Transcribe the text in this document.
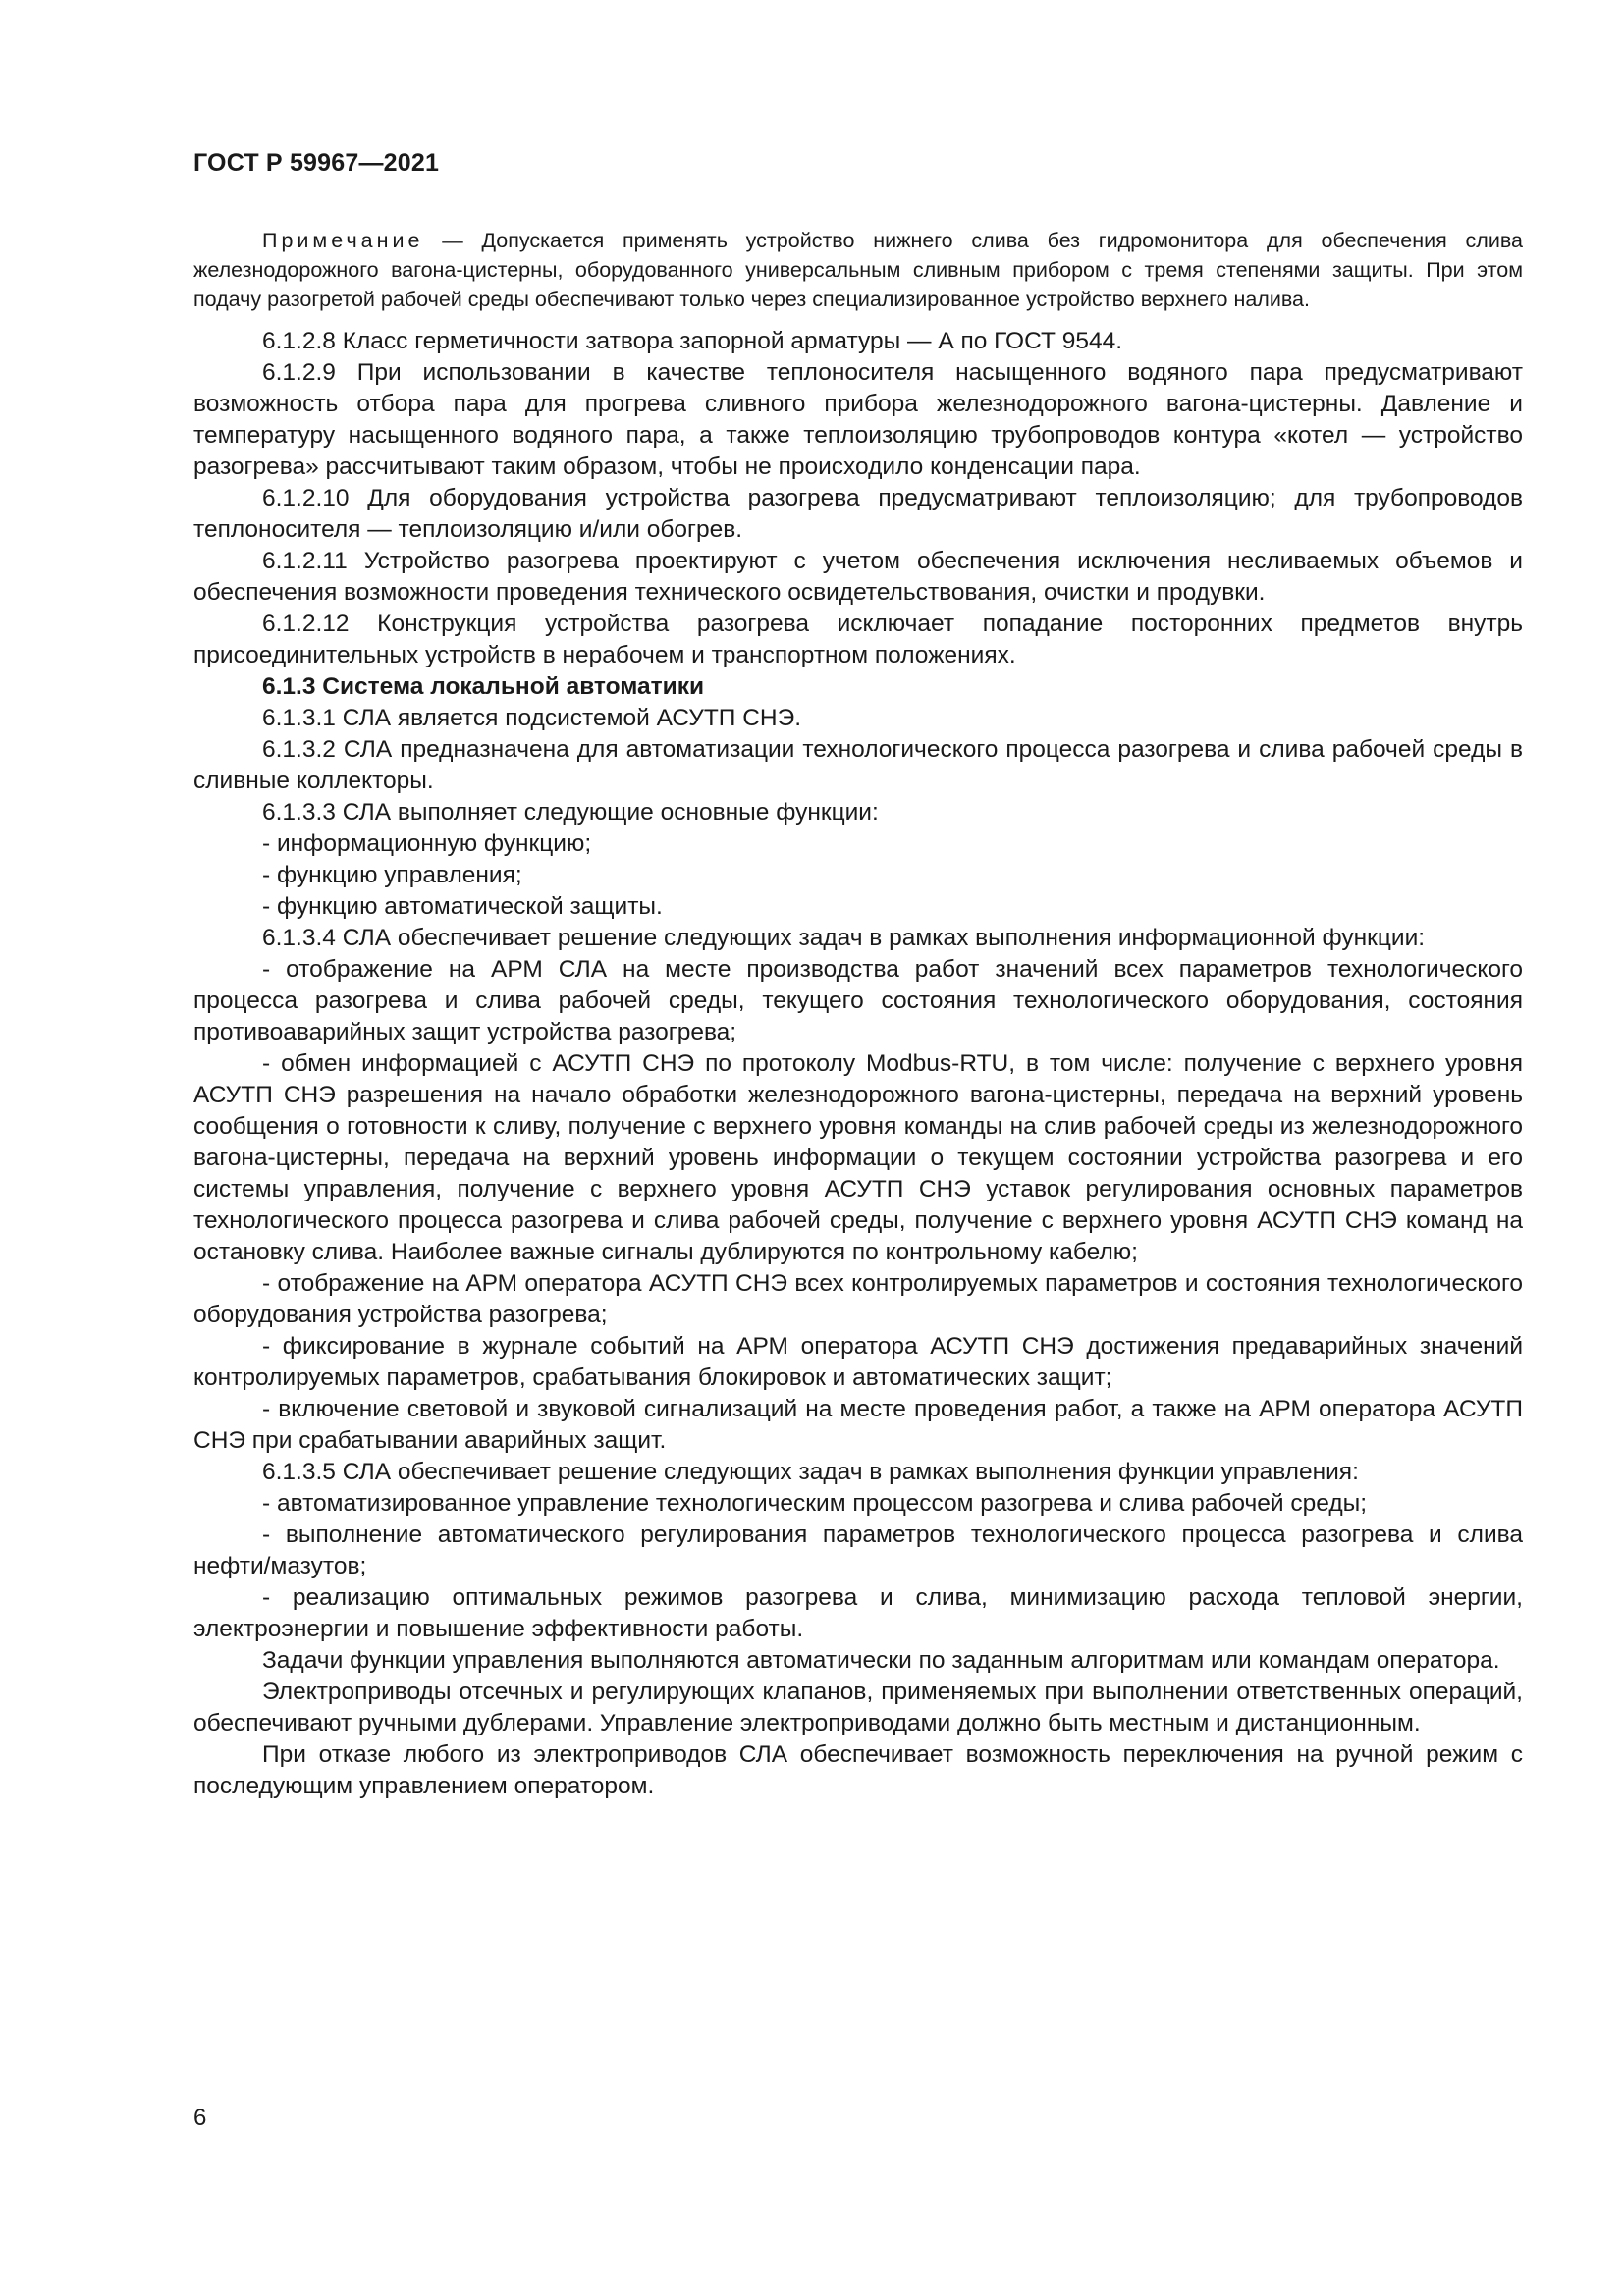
ГОСТ Р 59967—2021

Примечание — Допускается применять устройство нижнего слива без гидромонитора для обеспечения слива железнодорожного вагона-цистерны, оборудованного универсальным сливным прибором с тремя степенями защиты. При этом подачу разогретой рабочей среды обеспечивают только через специализированное устройство верхнего налива.

6.1.2.8 Класс герметичности затвора запорной арматуры — А по ГОСТ 9544.

6.1.2.9 При использовании в качестве теплоносителя насыщенного водяного пара предусматривают возможность отбора пара для прогрева сливного прибора железнодорожного вагона-цистерны. Давление и температуру насыщенного водяного пара, а также теплоизоляцию трубопроводов контура «котел — устройство разогрева» рассчитывают таким образом, чтобы не происходило конденсации пара.

6.1.2.10 Для оборудования устройства разогрева предусматривают теплоизоляцию; для трубопроводов теплоносителя — теплоизоляцию и/или обогрев.

6.1.2.11 Устройство разогрева проектируют с учетом обеспечения исключения несливаемых объемов и обеспечения возможности проведения технического освидетельствования, очистки и продувки.

6.1.2.12 Конструкция устройства разогрева исключает попадание посторонних предметов внутрь присоединительных устройств в нерабочем и транспортном положениях.

6.1.3 Система локальной автоматики

6.1.3.1 СЛА является подсистемой АСУТП СНЭ.

6.1.3.2 СЛА предназначена для автоматизации технологического процесса разогрева и слива рабочей среды в сливные коллекторы.

6.1.3.3 СЛА выполняет следующие основные функции:

- информационную функцию;

- функцию управления;

- функцию автоматической защиты.

6.1.3.4 СЛА обеспечивает решение следующих задач в рамках выполнения информационной функции:

- отображение на АРМ СЛА на месте производства работ значений всех параметров технологического процесса разогрева и слива рабочей среды, текущего состояния технологического оборудования, состояния противоаварийных защит устройства разогрева;

- обмен информацией с АСУТП СНЭ по протоколу Modbus-RTU, в том числе: получение с верхнего уровня АСУТП СНЭ разрешения на начало обработки железнодорожного вагона-цистерны, передача на верхний уровень сообщения о готовности к сливу, получение с верхнего уровня команды на слив рабочей среды из железнодорожного вагона-цистерны, передача на верхний уровень информации о текущем состоянии устройства разогрева и его системы управления, получение с верхнего уровня АСУТП СНЭ уставок регулирования основных параметров технологического процесса разогрева и слива рабочей среды, получение с верхнего уровня АСУТП СНЭ команд на остановку слива. Наиболее важные сигналы дублируются по контрольному кабелю;

- отображение на АРМ оператора АСУТП СНЭ всех контролируемых параметров и состояния технологического оборудования устройства разогрева;

- фиксирование в журнале событий на АРМ оператора АСУТП СНЭ достижения предаварийных значений контролируемых параметров, срабатывания блокировок и автоматических защит;

- включение световой и звуковой сигнализаций на месте проведения работ, а также на АРМ оператора АСУТП СНЭ при срабатывании аварийных защит.

6.1.3.5 СЛА обеспечивает решение следующих задач в рамках выполнения функции управления:

- автоматизированное управление технологическим процессом разогрева и слива рабочей среды;

- выполнение автоматического регулирования параметров технологического процесса разогрева и слива нефти/мазутов;

- реализацию оптимальных режимов разогрева и слива, минимизацию расхода тепловой энергии, электроэнергии и повышение эффективности работы.

Задачи функции управления выполняются автоматически по заданным алгоритмам или командам оператора.

Электроприводы отсечных и регулирующих клапанов, применяемых при выполнении ответственных операций, обеспечивают ручными дублерами. Управление электроприводами должно быть местным и дистанционным.

При отказе любого из электроприводов СЛА обеспечивает возможность переключения на ручной режим с последующим управлением оператором.

6
